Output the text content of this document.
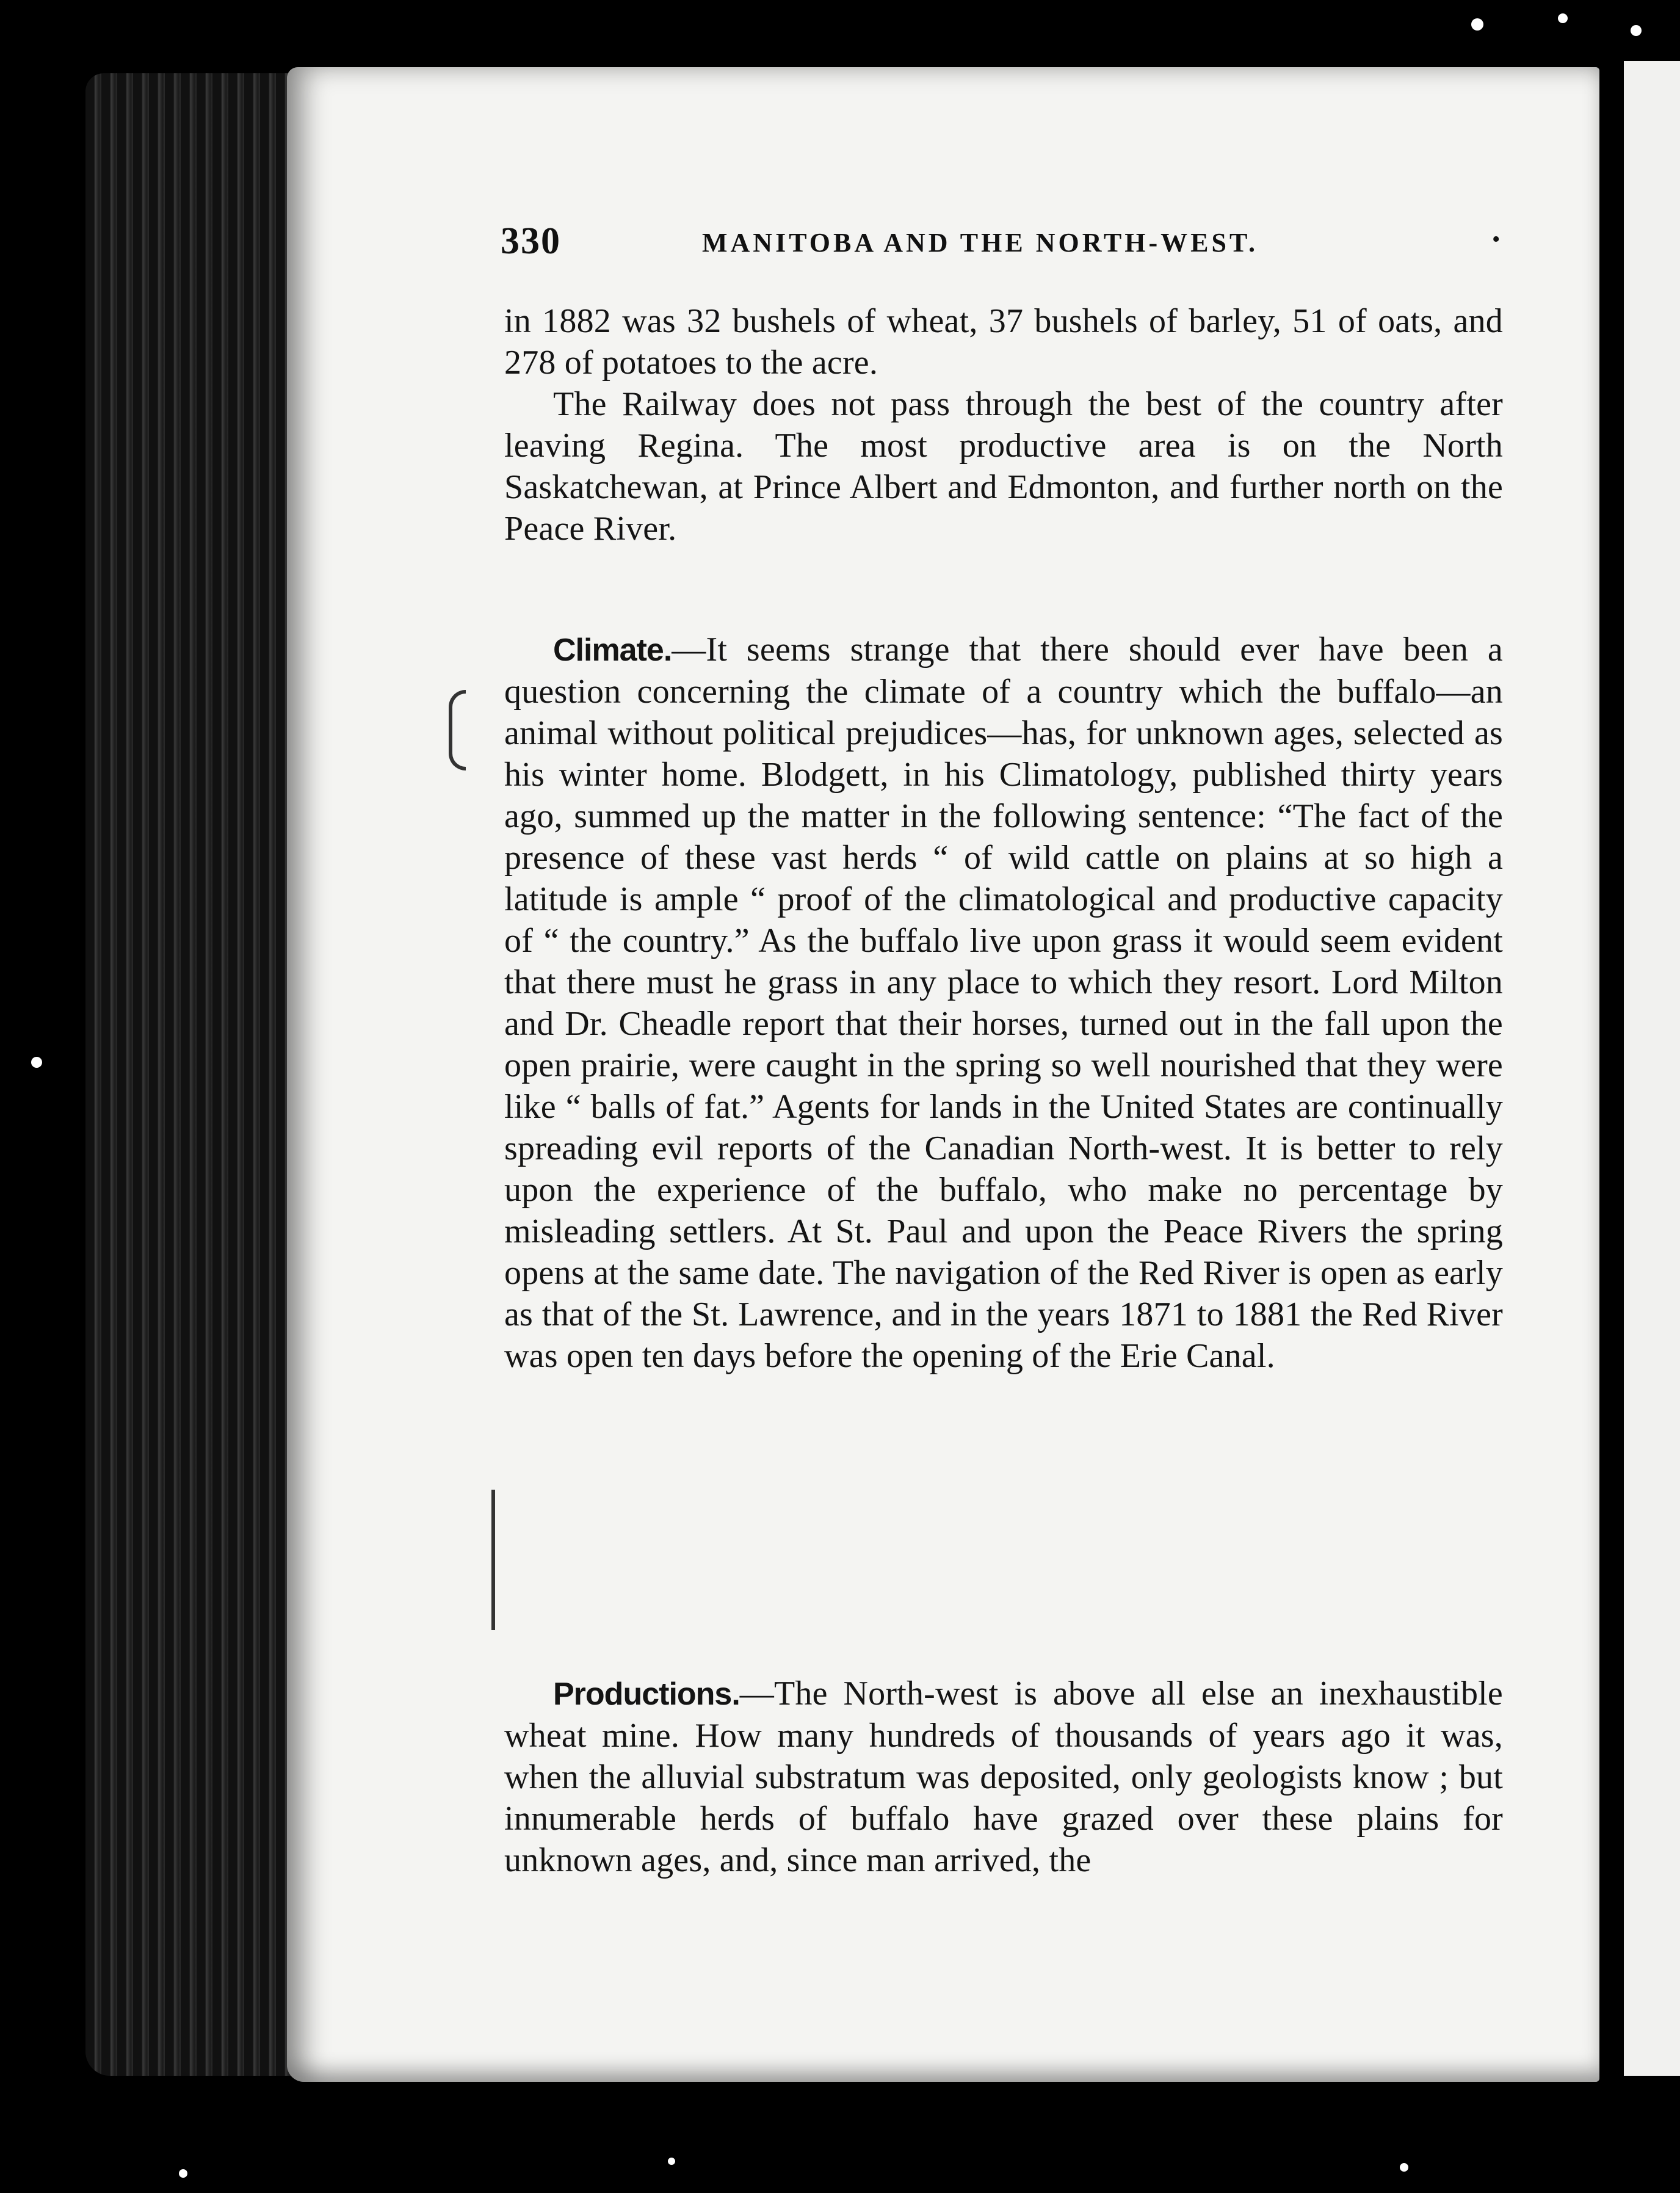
330	MANITOBA AND THE NORTH-WEST.	·

in 1882 was 32 bushels of wheat, 37 bushels of barley, 51 of oats, and 278 of potatoes to the acre.

The Railway does not pass through the best of the country after leaving Regina. The most productive area is on the North Saskatchewan, at Prince Albert and Edmonton, and further north on the Peace River.

Climate.—It seems strange that there should ever have been a question concerning the climate of a country which the buffalo—an animal without political prejudices—has, for unknown ages, selected as his winter home. Blodgett, in his Climatology, published thirty years ago, summed up the matter in the following sentence: “The fact of the presence of these vast herds “ of wild cattle on plains at so high a latitude is ample “ proof of the climatological and productive capacity of “ the country.” As the buffalo live upon grass it would seem evident that there must he grass in any place to which they resort. Lord Milton and Dr. Cheadle report that their horses, turned out in the fall upon the open prairie, were caught in the spring so well nourished that they were like “ balls of fat.” Agents for lands in the United States are continually spreading evil reports of the Canadian North-west. It is better to rely upon the experience of the buffalo, who make no percentage by misleading settlers. At St. Paul and upon the Peace Rivers the spring opens at the same date. The navigation of the Red River is open as early as that of the St. Lawrence, and in the years 1871 to 1881 the Red River was open ten days before the opening of the Erie Canal.

Productions.—The North-west is above all else an inexhaustible wheat mine. How many hundreds of thousands of years ago it was, when the alluvial substratum was deposited, only geologists know ; but innumerable herds of buffalo have grazed over these plains for unknown ages, and, since man arrived, the
